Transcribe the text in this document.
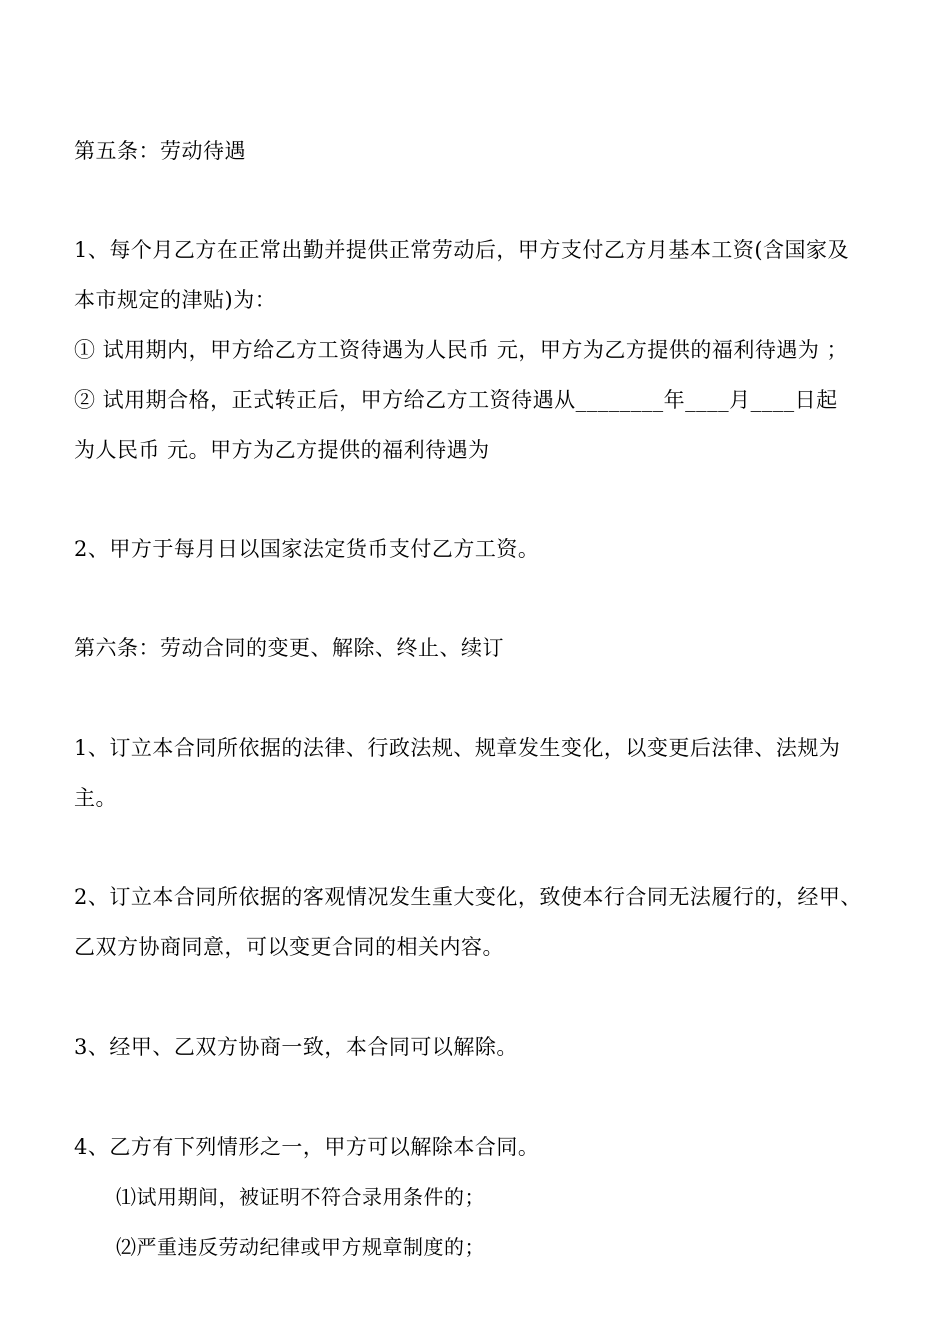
第五条：劳动待遇
1、每个月乙方在正常出勤并提供正常劳动后，甲方支付乙方月基本工资(含国家及
本市规定的津贴)为：
① 试用期内，甲方给乙方工资待遇为人民币 元，甲方为乙方提供的福利待遇为 ；
② 试用期合格，正式转正后，甲方给乙方工资待遇从________年____月____日起
为人民币 元。甲方为乙方提供的福利待遇为
2、甲方于每月日以国家法定货币支付乙方工资。
第六条：劳动合同的变更、解除、终止、续订
1、订立本合同所依据的法律、行政法规、规章发生变化，以变更后法律、法规为
主。
2、订立本合同所依据的客观情况发生重大变化，致使本行合同无法履行的，经甲、
乙双方协商同意，可以变更合同的相关内容。
3、经甲、乙双方协商一致，本合同可以解除。
4、乙方有下列情形之一，甲方可以解除本合同。
⑴试用期间，被证明不符合录用条件的；
⑵严重违反劳动纪律或甲方规章制度的；
